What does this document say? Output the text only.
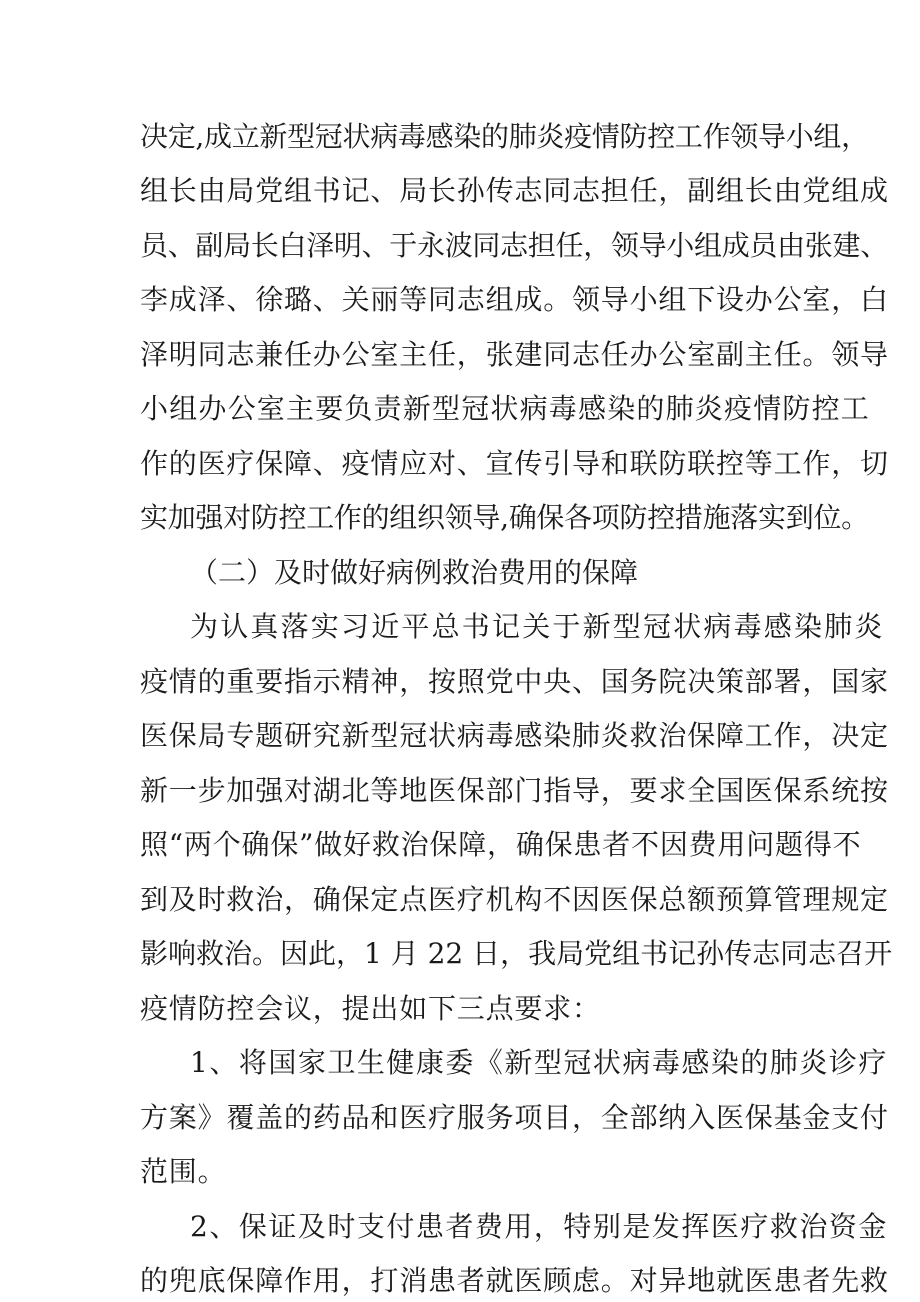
决定,成立新型冠状病毒感染的肺炎疫情防控工作领导小组，
组长由局党组书记、局长孙传志同志担任，副组长由党组成
员、副局长白泽明、于永波同志担任，领导小组成员由张建、
李成泽、徐璐、关丽等同志组成。领导小组下设办公室，白
泽明同志兼任办公室主任，张建同志任办公室副主任。领导
小组办公室主要负责新型冠状病毒感染的肺炎疫情防控工
作的医疗保障、疫情应对、宣传引导和联防联控等工作，切
实加强对防控工作的组织领导,确保各项防控措施落实到位。
（二）及时做好病例救治费用的保障
为认真落实习近平总书记关于新型冠状病毒感染肺炎
疫情的重要指示精神，按照党中央、国务院决策部署，国家
医保局专题研究新型冠状病毒感染肺炎救治保障工作，决定
新一步加强对湖北等地医保部门指导，要求全国医保系统按
照“两个确保”做好救治保障，确保患者不因费用问题得不
到及时救治，确保定点医疗机构不因医保总额预算管理规定
影响救治。因此，1 月 22 日，我局党组书记孙传志同志召开
疫情防控会议，提出如下三点要求：
1、将国家卫生健康委《新型冠状病毒感染的肺炎诊疗
方案》覆盖的药品和医疗服务项目，全部纳入医保基金支付
范围。
2、保证及时支付患者费用，特别是发挥医疗救治资金
的兜底保障作用，打消患者就医顾虑。对异地就医患者先救
